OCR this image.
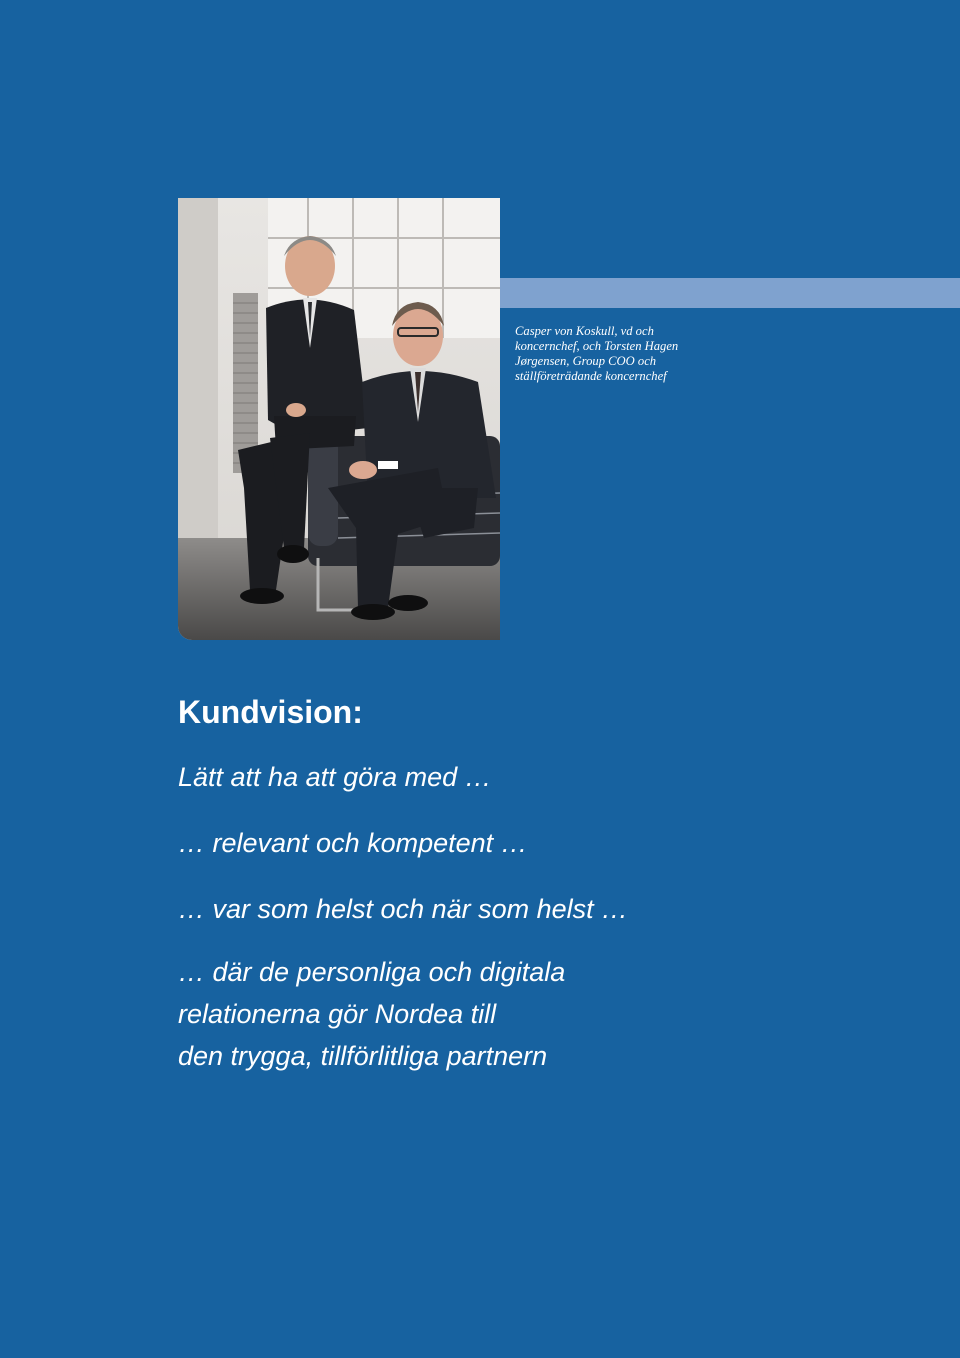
Casper von Koskull, vd och
koncernchef, och Torsten Hagen
Jørgensen, Group COO och
ställföreträdande koncernchef
Kundvision:

Lätt att ha att göra med …

… relevant och kompetent …

… var som helst och när som helst …

… där de personliga och digitala

relationerna gör Nordea till

den trygga, tillförlitliga partnern
